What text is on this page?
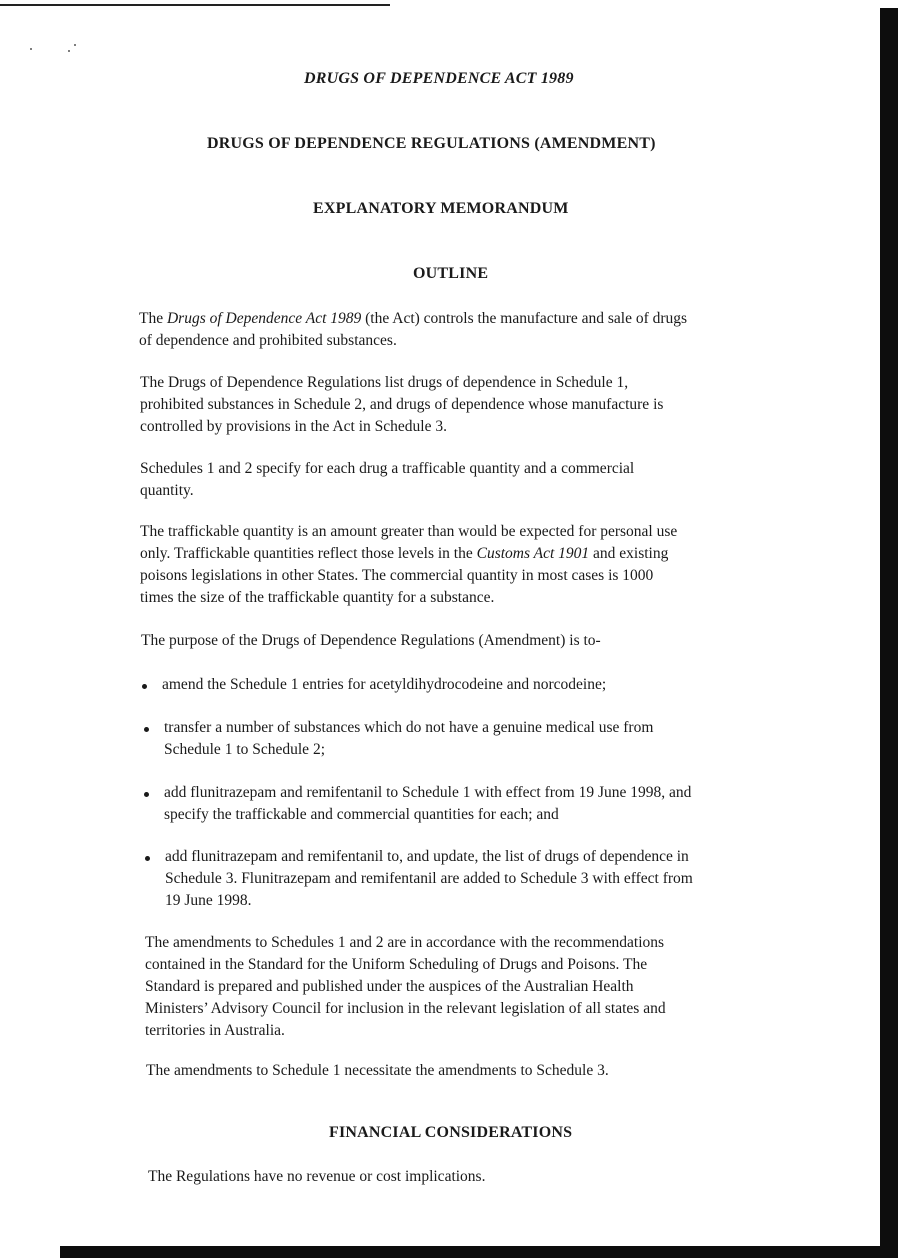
DRUGS OF DEPENDENCE ACT 1989
DRUGS OF DEPENDENCE REGULATIONS (AMENDMENT)
EXPLANATORY MEMORANDUM
OUTLINE
The Drugs of Dependence Act 1989 (the Act) controls the manufacture and sale of drugs
of dependence and prohibited substances.
The Drugs of Dependence Regulations list drugs of dependence in Schedule 1,
prohibited substances in Schedule 2, and drugs of dependence whose manufacture is
controlled by provisions in the Act in Schedule 3.
Schedules 1 and 2 specify for each drug a trafficable quantity and a commercial
quantity.
The traffickable quantity is an amount greater than would be expected for personal use
only. Traffickable quantities reflect those levels in the Customs Act 1901 and existing
poisons legislations in other States. The commercial quantity in most cases is 1000
times the size of the traffickable quantity for a substance.
The purpose of the Drugs of Dependence Regulations (Amendment) is to-
amend the Schedule 1 entries for acetyldihydrocodeine and norcodeine;
transfer a number of substances which do not have a genuine medical use from
Schedule 1 to Schedule 2;
add flunitrazepam and remifentanil to Schedule 1 with effect from 19 June 1998, and
specify the traffickable and commercial quantities for each; and
add flunitrazepam and remifentanil to, and update, the list of drugs of dependence in
Schedule 3. Flunitrazepam and remifentanil are added to Schedule 3 with effect from
19 June 1998.
The amendments to Schedules 1 and 2 are in accordance with the recommendations
contained in the Standard for the Uniform Scheduling of Drugs and Poisons. The
Standard is prepared and published under the auspices of the Australian Health
Ministers’ Advisory Council for inclusion in the relevant legislation of all states and
territories in Australia.
The amendments to Schedule 1 necessitate the amendments to Schedule 3.
FINANCIAL CONSIDERATIONS
The Regulations have no revenue or cost implications.
